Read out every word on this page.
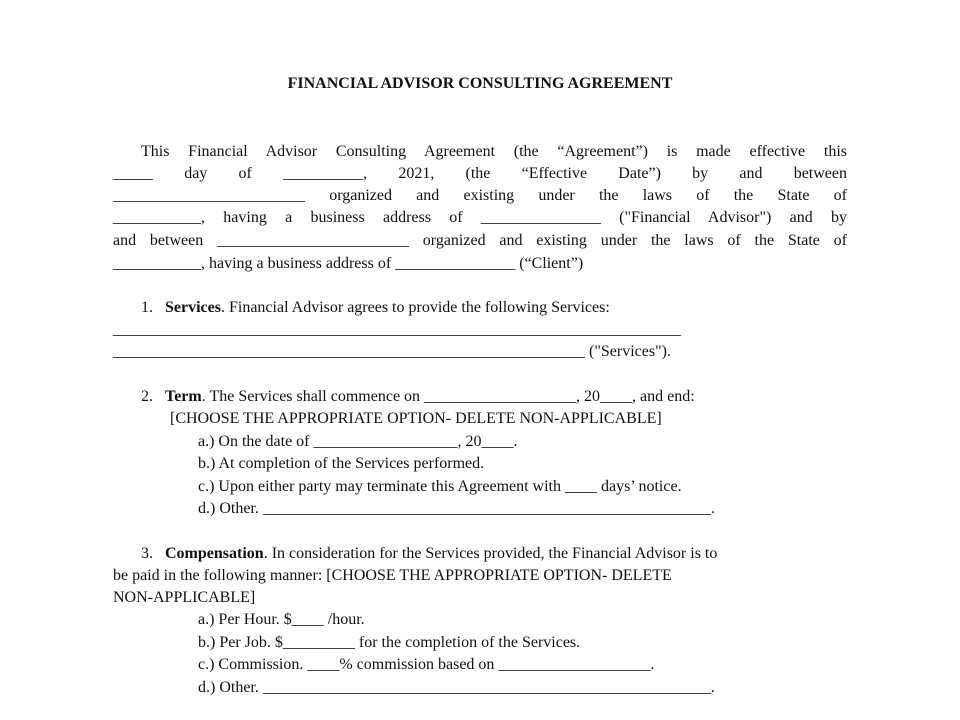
FINANCIAL ADVISOR CONSULTING AGREEMENT
This Financial Advisor Consulting Agreement (the “Agreement”) is made effective this
_____ day of __________, 2021, (the “Effective Date”) by and between
________________________ organized and existing under the laws of the State of
___________, having a business address of _______________ ("Financial Advisor") and by
and between ________________________ organized and existing under the laws of the State of
___________, having a business address of _______________ (“Client”)
1. Services. Financial Advisor agrees to provide the following Services:
_______________________________________________________________________
___________________________________________________________ ("Services").
2. Term. The Services shall commence on ___________________, 20____, and end:
[CHOOSE THE APPROPRIATE OPTION- DELETE NON-APPLICABLE]
a.) On the date of __________________, 20____.
b.) At completion of the Services performed.
c.) Upon either party may terminate this Agreement with ____ days’ notice.
d.) Other. ________________________________________________________.
3. Compensation. In consideration for the Services provided, the Financial Advisor is to
be paid in the following manner: [CHOOSE THE APPROPRIATE OPTION- DELETE
NON-APPLICABLE]
a.) Per Hour. $____ /hour.
b.) Per Job. $_________ for the completion of the Services.
c.) Commission. ____% commission based on ___________________.
d.) Other. ________________________________________________________.
